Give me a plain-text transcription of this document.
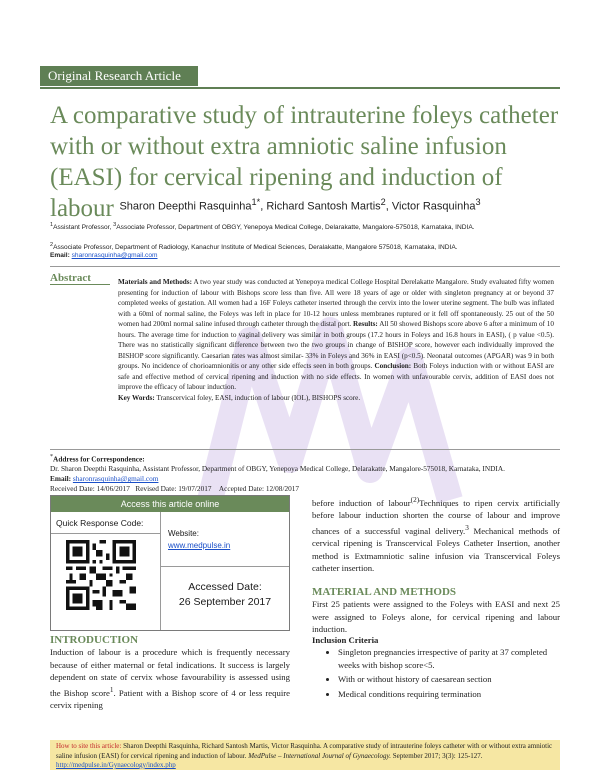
Original Research Article
A comparative study of intrauterine foleys catheter with or without extra amniotic saline infusion (EASI) for cervical ripening and induction of labour Sharon Deepthi Rasquinha$^{1*}$, Richard Santosh Martis$^2$, Victor Rasquinha$^3$
$^1$Assistant Professor, $^3$Associate Professor, Department of OBGY, Yenepoya Medical College, Delarakatte, Mangalore-575018, Karnataka, INDIA.
$^2$Associate Professor, Department of Radiology, Kanachur Institute of Medical Sciences, Deralakatte, Mangalore 575018, Karnataka, INDIA.
Email: sharonrasquinha@gmail.com
Abstract	Materials and Methods: A two year study was conducted at Yenepoya medical College Hospital Derelakatte Mangalore. Study evaluated fifty women presenting for induction of labour with Bishops score less than five. All were 18 years of age or older with singleton pregnancy at or beyond 37 completed weeks of gestation. All women had a 16F Foleys catheter inserted through the cervix into the lower uterine segment. The bulb was inflated with a 60ml of normal saline, the Foleys was left in place for 10-12 hours unless membranes ruptured or it fell off spontaneously. 25 out of the 50 women had 200ml normal saline infused through catheter through the distal port. Results: All 50 showed Bishops score above 6 after a minimum of 10 hours. The average time for induction to vaginal delivery was similar in both groups (17.2 hours in Foleys and 16.8 hours in EASI), ( p value <0.5). There was no statistically significant difference between two the two groups in change of BISHOP score, however each individually improved the BISHOP score significantly. Caesarian rates was almost similar- 33% in Foleys and 36% in EASI (p<0.5). Neonatal outcomes (APGAR) was 9 in both groups. No incidence of chorioamnionitis or any other side effects seen in both groups. Conclusion: Both Foleys induction with or without EASI are safe and effective method of cervical ripening and induction with no side effects. In women with unfavourable cervix, addition of EASI does not improve the efficacy of labour induction.
Key Words: Transcervical foley, EASI, induction of labour (IOL), BISHOPS score.
*Address for Correspondence:
Dr. Sharon Deepthi Rasquinha, Assistant Professor, Department of OBGY, Yenepoya Medical College, Delarakatte, Mangalore-575018, Karnataka, INDIA.
Email: sharonrasquinha@gmail.com
Received Date: 14/06/2017 Revised Date: 19/07/2017 Accepted Date: 12/08/2017

Access this article online
Quick Response Code:
Website:
www.medpulse.in
Accessed Date:
26 September 2017
INTRODUCTION
Induction of labour is a procedure which is frequently necessary because of either maternal or fetal indications. It success is largely dependent on state of cervix whose favourability is assessed using the Bishop score$^1$. Patient with a Bishop score of 4 or less require cervix ripening
before induction of labour$^{(2)}$Techniques to ripen cervix artificially before labour induction shorten the course of labour and improve chances of a successful vaginal delivery.$^3$ Mechanical methods of cervical ripening is Transcervical Foleys Catheter Insertion, another method is Extmamniotic saline infusion via Transcervical Foleys catheter insertion.
MATERIAL AND METHODS
First 25 patients were assigned to the Foleys with EASI and next 25 were assigned to Foleys alone, for cervical ripening and labour induction.
Inclusion Criteria
• Singleton pregnancies irrespective of parity at 37 completed weeks with bishop score<5.
• With or without history of caesarean section
• Medical conditions requiring termination
How to site this article: Sharon Deepthi Rasquinha, Richard Santosh Martis, Victor Rasquinha. A comparative study of intrauterine foleys catheter with or without extra amniotic saline infusion (EASI) for cervical ripening and induction of labour. MedPulse – International Journal of Gynaecology. September 2017; 3(3): 125-127. http://medpulse.in/Gynaecology/index.php
